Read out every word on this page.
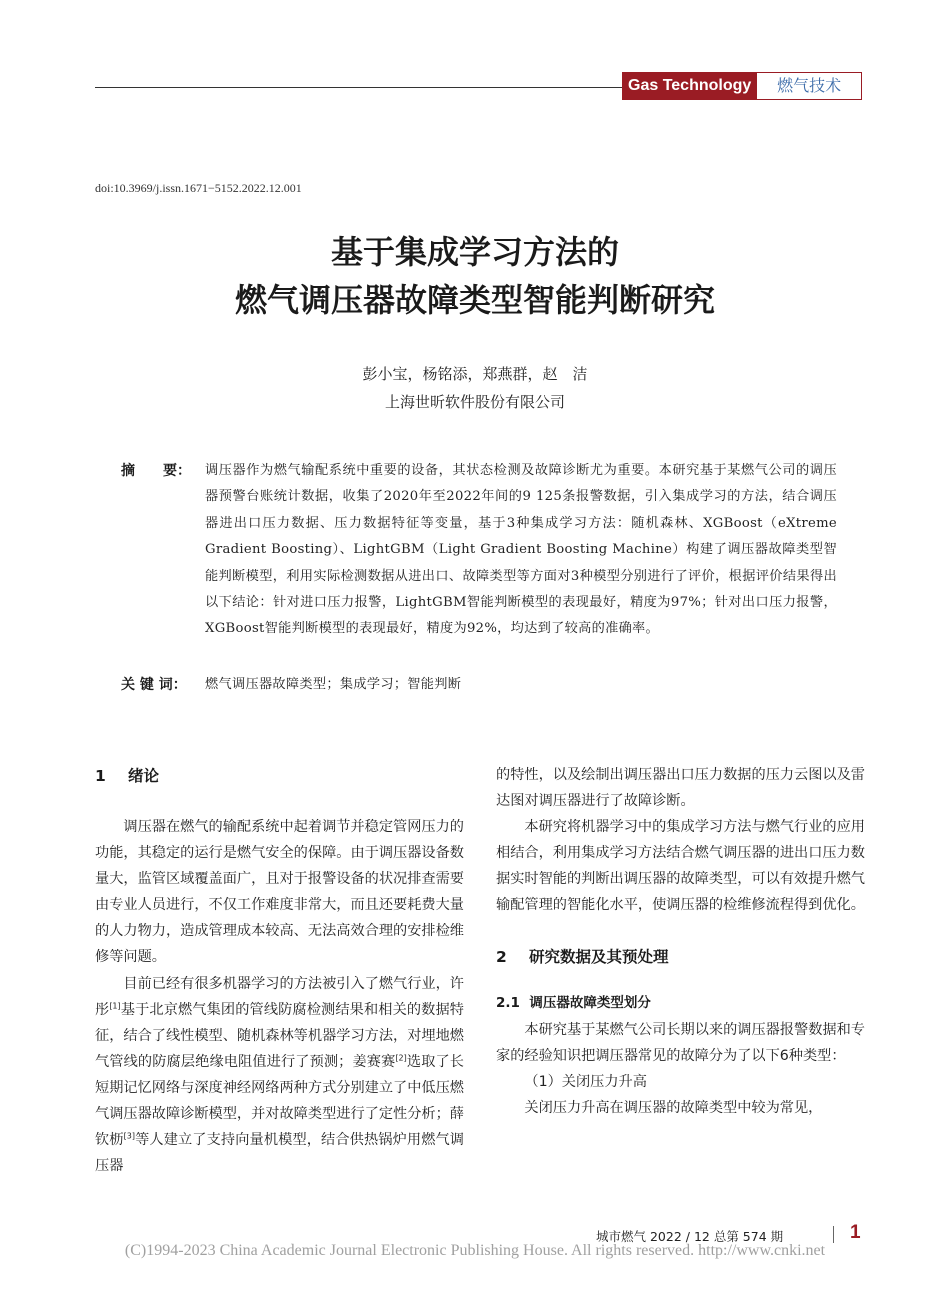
Gas Technology	燃气技术
doi:10.3969/j.issn.1671−5152.2022.12.001
基于集成学习方法的
燃气调压器故障类型智能判断研究
彭小宝，杨铭添，郑燕群，赵　洁
上海世昕软件股份有限公司
摘　　要：	调压器作为燃气输配系统中重要的设备，其状态检测及故障诊断尤为重要。本研究基于某燃气公司的调压器预警台账统计数据，收集了2020年至2022年间的9 125条报警数据，引入集成学习的方法，结合调压器进出口压力数据、压力数据特征等变量，基于3种集成学习方法：随机森林、XGBoost（eXtreme Gradient Boosting）、LightGBM（Light Gradient Boosting Machine）构建了调压器故障类型智能判断模型，利用实际检测数据从进出口、故障类型等方面对3种模型分别进行了评价，根据评价结果得出以下结论：针对进口压力报警，LightGBM智能判断模型的表现最好，精度为97%；针对出口压力报警，XGBoost智能判断模型的表现最好，精度为92%，均达到了较高的准确率。
关 键 词： 燃气调压器故障类型；集成学习；智能判断
1 绪论

调压器在燃气的输配系统中起着调节并稳定管网压力的功能，其稳定的运行是燃气安全的保障。由于调压器设备数量大，监管区域覆盖面广，且对于报警设备的状况排查需要由专业人员进行，不仅工作难度非常大，而且还要耗费大量的人力物力，造成管理成本较高、无法高效合理的安排检维修等问题。

目前已经有很多机器学习的方法被引入了燃气行业，许彤[1]基于北京燃气集团的管线防腐检测结果和相关的数据特征，结合了线性模型、随机森林等机器学习方法，对埋地燃气管线的防腐层绝缘电阻值进行了预测；姜赛赛[2]选取了长短期记忆网络与深度神经网络两种方式分别建立了中低压燃气调压器故障诊断模型，并对故障类型进行了定性分析；薛钦枥[3]等人建立了支持向量机模型，结合供热锅炉用燃气调压器

的特性，以及绘制出调压器出口压力数据的压力云图以及雷达图对调压器进行了故障诊断。

本研究将机器学习中的集成学习方法与燃气行业的应用相结合，利用集成学习方法结合燃气调压器的进出口压力数据实时智能的判断出调压器的故障类型，可以有效提升燃气输配管理的智能化水平，使调压器的检维修流程得到优化。

2 研究数据及其预处理
2.1 调压器故障类型划分

本研究基于某燃气公司长期以来的调压器报警数据和专家的经验知识把调压器常见的故障分为了以下6种类型：

（1）关闭压力升高

关闭压力升高在调压器的故障类型中较为常见，

城市燃气 2022 / 12 总第 574 期	1
(C)1994-2023 China Academic Journal Electronic Publishing House. All rights reserved. http://www.cnki.net
